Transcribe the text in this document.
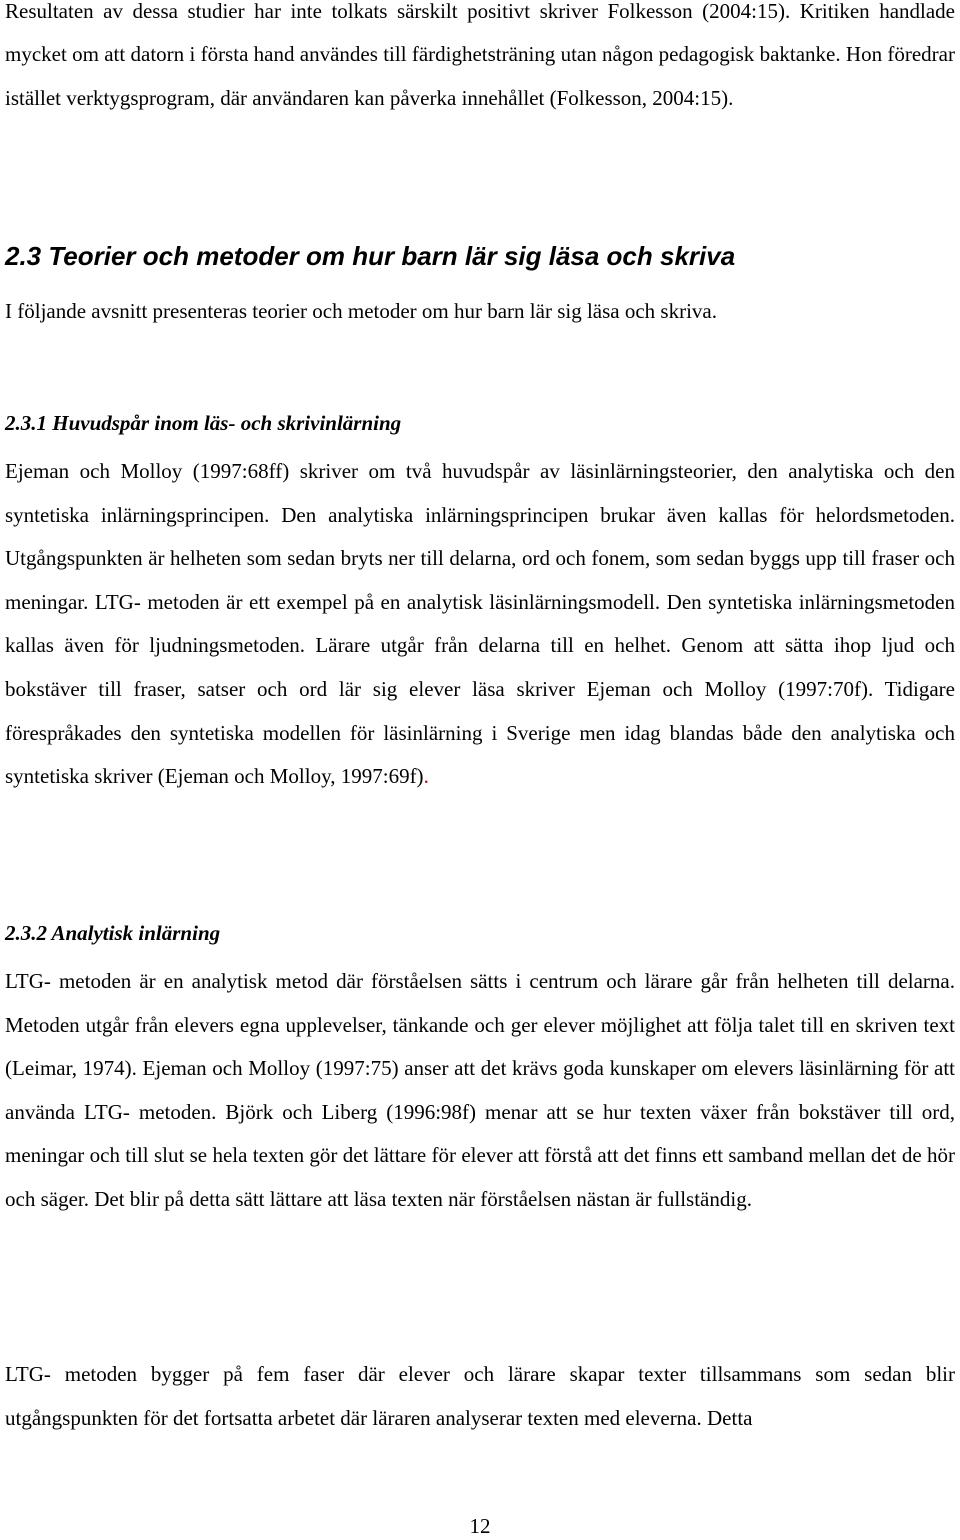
Resultaten av dessa studier har inte tolkats särskilt positivt skriver Folkesson (2004:15). Kritiken handlade mycket om att datorn i första hand användes till färdighetsträning utan någon pedagogisk baktanke. Hon föredrar istället verktygsprogram, där användaren kan påverka innehållet (Folkesson, 2004:15).

2.3 Teorier och metoder om hur barn lär sig läsa och skriva

I följande avsnitt presenteras teorier och metoder om hur barn lär sig läsa och skriva.

2.3.1 Huvudspår inom läs- och skrivinlärning

Ejeman och Molloy (1997:68ff) skriver om två huvudspår av läsinlärningsteorier, den analytiska och den syntetiska inlärningsprincipen. Den analytiska inlärningsprincipen brukar även kallas för helordsmetoden. Utgångspunkten är helheten som sedan bryts ner till delarna, ord och fonem, som sedan byggs upp till fraser och meningar. LTG- metoden är ett exempel på en analytisk läsinlärningsmodell. Den syntetiska inlärningsmetoden kallas även för ljudningsmetoden. Lärare utgår från delarna till en helhet. Genom att sätta ihop ljud och bokstäver till fraser, satser och ord lär sig elever läsa skriver Ejeman och Molloy (1997:70f). Tidigare förespråkades den syntetiska modellen för läsinlärning i Sverige men idag blandas både den analytiska och syntetiska skriver (Ejeman och Molloy, 1997:69f).

2.3.2 Analytisk inlärning

LTG- metoden är en analytisk metod där förståelsen sätts i centrum och lärare går från helheten till delarna. Metoden utgår från elevers egna upplevelser, tänkande och ger elever möjlighet att följa talet till en skriven text (Leimar, 1974). Ejeman och Molloy (1997:75) anser att det krävs goda kunskaper om elevers läsinlärning för att använda LTG- metoden. Björk och Liberg (1996:98f) menar att se hur texten växer från bokstäver till ord, meningar och till slut se hela texten gör det lättare för elever att förstå att det finns ett samband mellan det de hör och säger. Det blir på detta sätt lättare att läsa texten när förståelsen nästan är fullständig.

LTG- metoden bygger på fem faser där elever och lärare skapar texter tillsammans som sedan blir utgångspunkten för det fortsatta arbetet där läraren analyserar texten med eleverna. Detta

12
